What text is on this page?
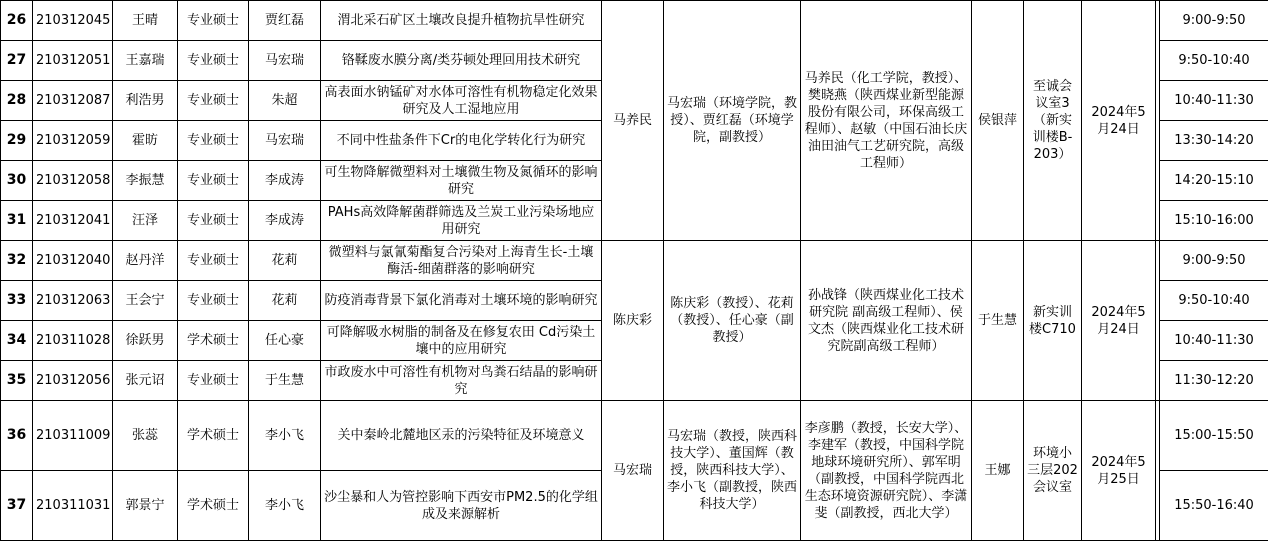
26	210312045	王晴	专业硕士	贾红磊	渭北采石矿区土壤改良提升植物抗旱性研究	马养民	马宏瑞（环境学院，教授）、贾红磊（环境学院，副教授）	马养民（化工学院，教授）、樊晓燕（陕西煤业新型能源股份有限公司，环保高级工程师）、赵敏（中国石油长庆油田油气工艺研究院，高级工程师）	侯银萍	至诚会议室3（新实训楼B-203）	2024年5月24日		9:00-9:50
27	210312051	王嘉瑞	专业硕士	马宏瑞	铬鞣废水膜分离/类芬顿处理回用技术研究								9:50-10:40
28	210312087	利浩男	专业硕士	朱超	高表面水钠锰矿对水体可溶性有机物稳定化效果研究及人工湿地应用								10:40-11:30
29	210312059	霍昉	专业硕士	马宏瑞	不同中性盐条件下Cr的电化学转化行为研究								13:30-14:20
30	210312058	李振慧	专业硕士	李成涛	可生物降解微塑料对土壤微生物及氮循环的影响研究								14:20-15:10
31	210312041	汪泽	专业硕士	李成涛	PAHs高效降解菌群筛选及兰炭工业污染场地应用研究								15:10-16:00
32	210312040	赵丹洋	专业硕士	花莉	微塑料与氯氰菊酯复合污染对上海青生长-土壤酶活-细菌群落的影响研究	陈庆彩	陈庆彩（教授）、花莉（教授）、任心豪（副教授）	孙战锋（陕西煤业化工技术研究院 副高级工程师）、侯文杰（陕西煤业化工技术研究院副高级工程师）	于生慧	新实训楼C710	2024年5月24日		9:00-9:50
33	210312063	王会宁	专业硕士	花莉	防疫消毒背景下氯化消毒对土壤环境的影响研究								9:50-10:40
34	210311028	徐跃男	学术硕士	任心豪	可降解吸水树脂的制备及在修复农田 Cd污染土壤中的应用研究								10:40-11:30
35	210312056	张元诏	专业硕士	于生慧	市政废水中可溶性有机物对鸟粪石结晶的影响研究								11:30-12:20
36	210311009	张蕊	学术硕士	李小飞	关中秦岭北麓地区汞的污染特征及环境意义	马宏瑞	马宏瑞（教授，陕西科技大学）、董国辉（教授，陕西科技大学）、李小飞（副教授，陕西科技大学）	李彦鹏（教授，长安大学）、李建军（教授，中国科学院地球环境研究所）、郭军明（副教授，中国科学院西北生态环境资源研究院）、李潇斐（副教授，西北大学）	王娜	环境小三层202会议室	2024年5月25日		15:00-15:50
37	210311031	郭景宁	学术硕士	李小飞	沙尘暴和人为管控影响下西安市PM2.5的化学组成及来源解析								15:50-16:40
